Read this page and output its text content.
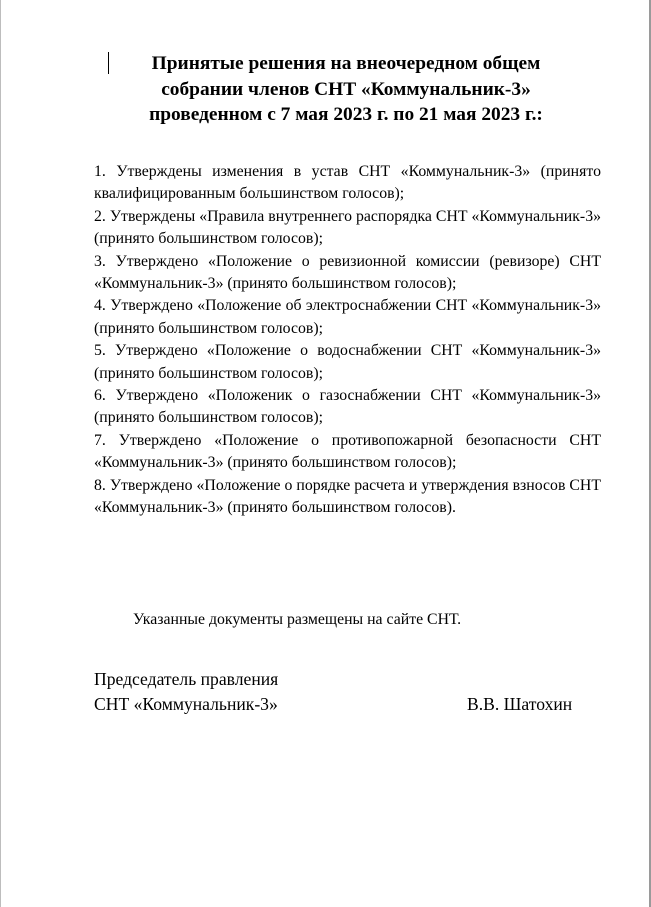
Принятые решения на внеочередном общем
собрании членов СНТ «Коммунальник-3»
проведенном с 7 мая 2023 г. по 21 мая 2023 г.:

1. Утверждены изменения в устав СНТ «Коммунальник-3» (принято квалифицированным большинством голосов);

2. Утверждены «Правила внутреннего распорядка СНТ «Коммунальник-3» (принято большинством голосов);

3. Утверждено «Положение о ревизионной комиссии (ревизоре) СНТ «Коммунальник-3» (принято большинством голосов);

4. Утверждено «Положение об электроснабжении СНТ «Коммунальник-3» (принято большинством голосов);

5. Утверждено «Положение о водоснабжении СНТ «Коммунальник-3» (принято большинством голосов);

6. Утверждено «Положеник о газоснабжении СНТ «Коммунальник-3» (принято большинством голосов);

7. Утверждено «Положение о противопожарной безопасности СНТ «Коммунальник-3» (принято большинством голосов);

8. Утверждено «Положение о порядке расчета и утверждения взносов СНТ «Коммунальник-3» (принято большинством голосов).

Указанные документы размещены на сайте СНТ.
Председатель правления
СНТ «Коммунальник-3»	В.В. Шатохин
